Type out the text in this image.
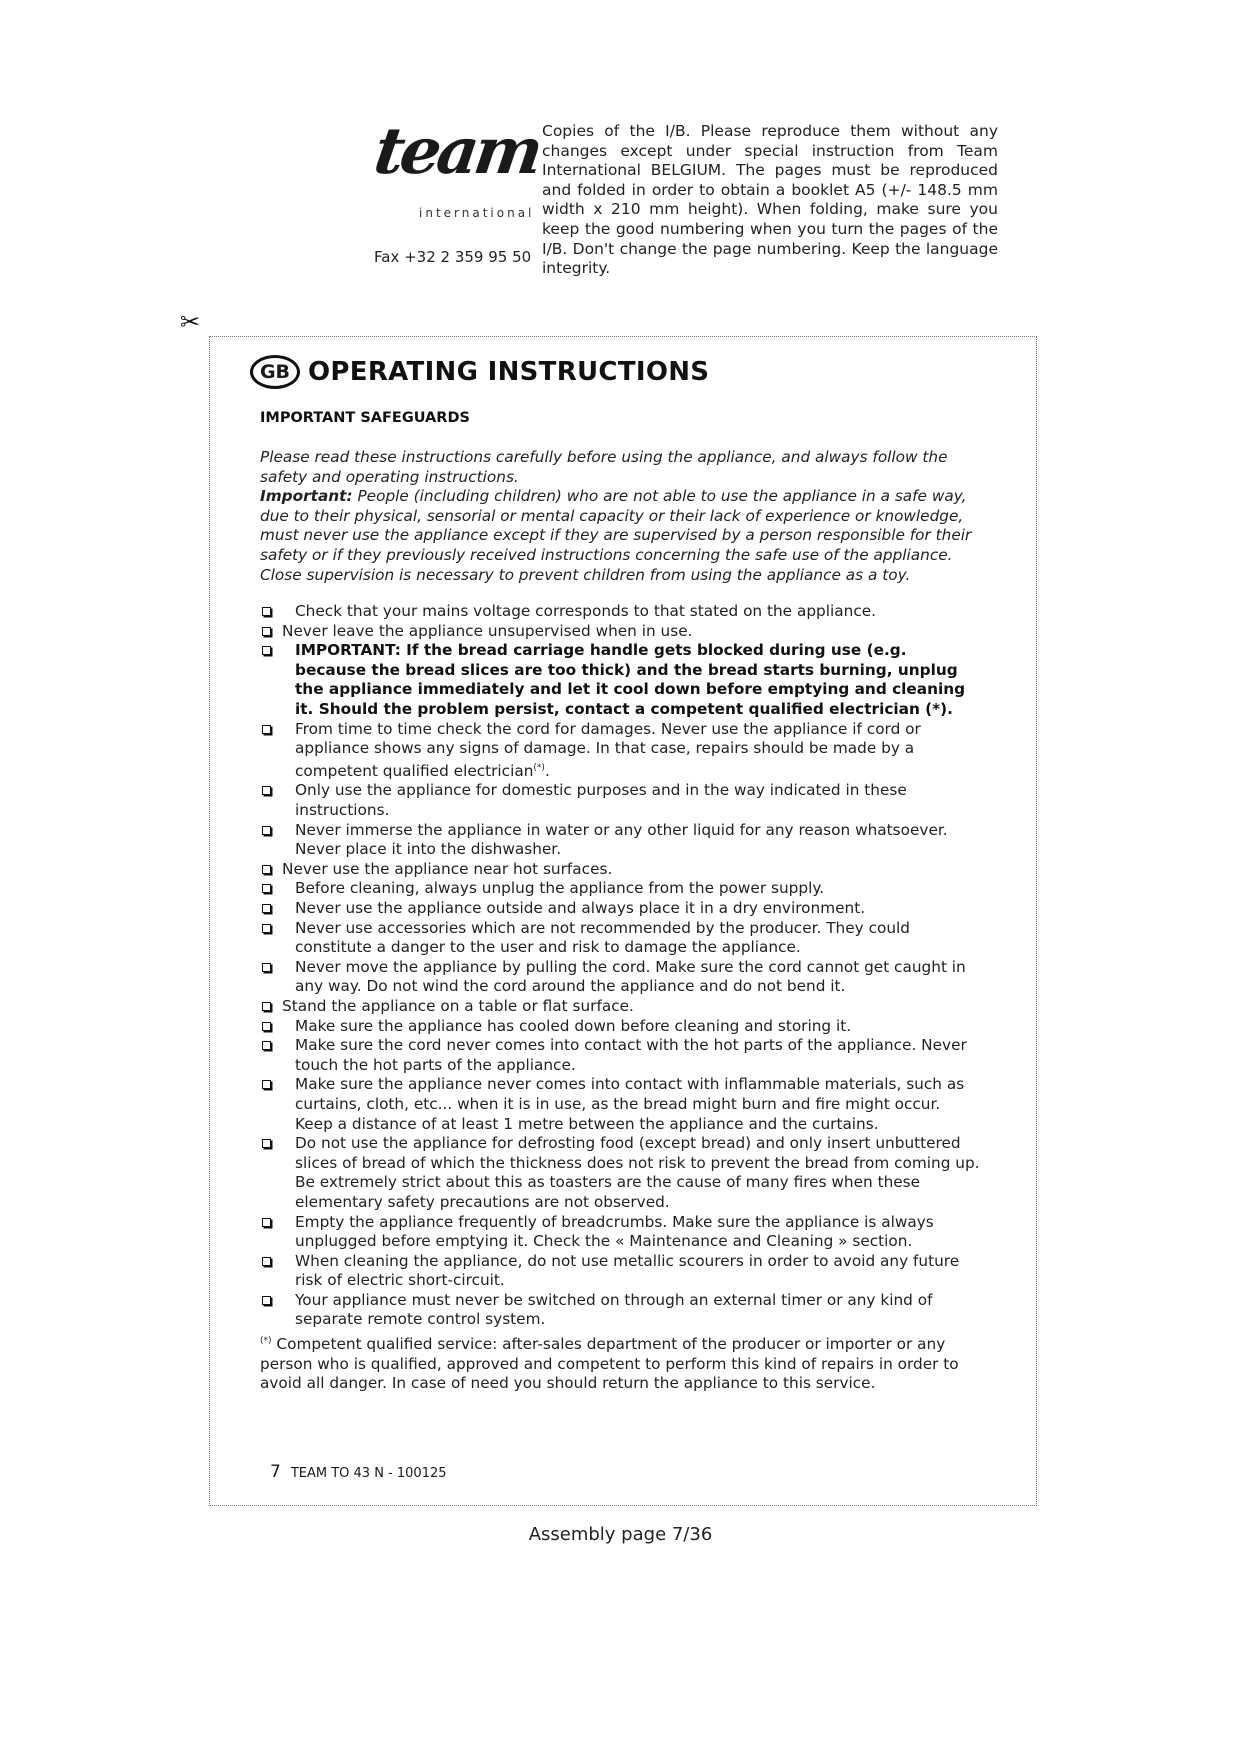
team
international
Fax +32 2 359 95 50
Copies of the I/B. Please reproduce them without any changes except under special instruction from Team International BELGIUM. The pages must be reproduced and folded in order to obtain a booklet A5 (+/- 148.5 mm width x 210 mm height). When folding, make sure you keep the good numbering when you turn the pages of the I/B. Don't change the page numbering. Keep the language integrity.
✂
GB OPERATING INSTRUCTIONS
IMPORTANT SAFEGUARDS
Please read these instructions carefully before using the appliance, and always follow the safety and operating instructions.
Important: People (including children) who are not able to use the appliance in a safe way, due to their physical, sensorial or mental capacity or their lack of experience or knowledge, must never use the appliance except if they are supervised by a person responsible for their safety or if they previously received instructions concerning the safe use of the appliance.
Close supervision is necessary to prevent children from using the appliance as a toy.
Check that your mains voltage corresponds to that stated on the appliance.
Never leave the appliance unsupervised when in use.
IMPORTANT: If the bread carriage handle gets blocked during use (e.g. because the bread slices are too thick) and the bread starts burning, unplug the appliance immediately and let it cool down before emptying and cleaning it. Should the problem persist, contact a competent qualified electrician (*).
From time to time check the cord for damages. Never use the appliance if cord or appliance shows any signs of damage. In that case, repairs should be made by a competent qualified electrician(*).
Only use the appliance for domestic purposes and in the way indicated in these instructions.
Never immerse the appliance in water or any other liquid for any reason whatsoever. Never place it into the dishwasher.
Never use the appliance near hot surfaces.
Before cleaning, always unplug the appliance from the power supply.
Never use the appliance outside and always place it in a dry environment.
Never use accessories which are not recommended by the producer. They could constitute a danger to the user and risk to damage the appliance.
Never move the appliance by pulling the cord. Make sure the cord cannot get caught in any way. Do not wind the cord around the appliance and do not bend it.
Stand the appliance on a table or flat surface.
Make sure the appliance has cooled down before cleaning and storing it.
Make sure the cord never comes into contact with the hot parts of the appliance. Never touch the hot parts of the appliance.
Make sure the appliance never comes into contact with inflammable materials, such as curtains, cloth, etc... when it is in use, as the bread might burn and fire might occur. Keep a distance of at least 1 metre between the appliance and the curtains.
Do not use the appliance for defrosting food (except bread) and only insert unbuttered slices of bread of which the thickness does not risk to prevent the bread from coming up. Be extremely strict about this as toasters are the cause of many fires when these elementary safety precautions are not observed.
Empty the appliance frequently of breadcrumbs. Make sure the appliance is always unplugged before emptying it. Check the « Maintenance and Cleaning » section.
When cleaning the appliance, do not use metallic scourers in order to avoid any future risk of electric short-circuit.
Your appliance must never be switched on through an external timer or any kind of separate remote control system.
(*) Competent qualified service: after-sales department of the producer or importer or any person who is qualified, approved and competent to perform this kind of repairs in order to avoid all danger. In case of need you should return the appliance to this service.
7 TEAM TO 43 N - 100125
Assembly page 7/36
